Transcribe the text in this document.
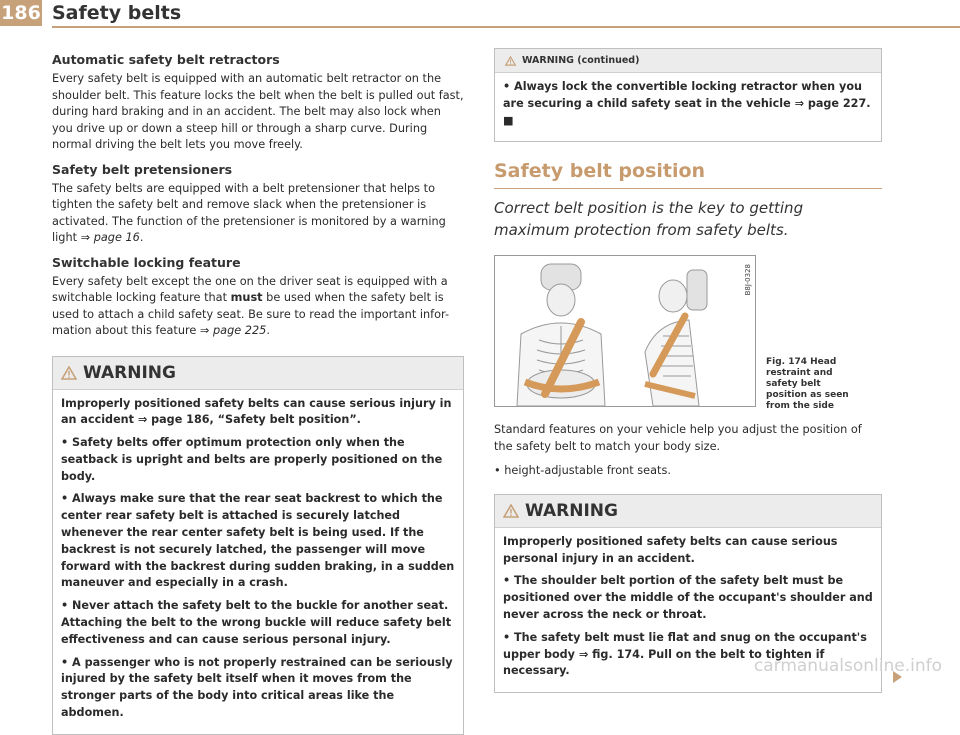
186 Safety belts
Automatic safety belt retractors

Every safety belt is equipped with an automatic belt retractor on the shoulder belt. This feature locks the belt when the belt is pulled out fast, during hard braking and in an accident. The belt may also lock when you drive up or down a steep hill or through a sharp curve. During normal driving the belt lets you move freely.

Safety belt pretensioners

The safety belts are equipped with a belt pretensioner that helps to tighten the safety belt and remove slack when the pretensioner is activated. The function of the pretensioner is monitored by a warning light ⇒ page 16.

Switchable locking feature

Every safety belt except the one on the driver seat is equipped with a switchable locking feature that must be used when the safety belt is used to attach a child safety seat. Be sure to read the important infor-mation about this feature ⇒ page 225.

WARNING

Improperly positioned safety belts can cause serious injury in an accident ⇒ page 186, “Safety belt position”.

• Safety belts offer optimum protection only when the seatback is upright and belts are properly positioned on the body.

• Always make sure that the rear seat backrest to which the center rear safety belt is attached is securely latched whenever the rear center safety belt is being used. If the backrest is not securely latched, the passenger will move forward with the backrest during sudden braking, in a sudden maneuver and especially in a crash.

• Never attach the safety belt to the buckle for another seat. Attaching the belt to the wrong buckle will reduce safety belt effectiveness and can cause serious personal injury.

• A passenger who is not properly restrained can be seriously injured by the safety belt itself when it moves from the stronger parts of the body into critical areas like the abdomen.

WARNING (continued)

• Always lock the convertible locking retractor when you are securing a child safety seat in the vehicle ⇒ page 227. ■

Safety belt position

Correct belt position is the key to getting maximum protection from safety belts.

B8J-0328
Fig. 174 Head restraint and safety belt position as seen from the side

Standard features on your vehicle help you adjust the position of the safety belt to match your body size.

• height-adjustable front seats.

WARNING

Improperly positioned safety belts can cause serious personal injury in an accident.

• The shoulder belt portion of the safety belt must be positioned over the middle of the occupant's shoulder and never across the neck or throat.

• The safety belt must lie flat and snug on the occupant's upper body ⇒ fig. 174. Pull on the belt to tighten if necessary.	carmanualsonline.info
